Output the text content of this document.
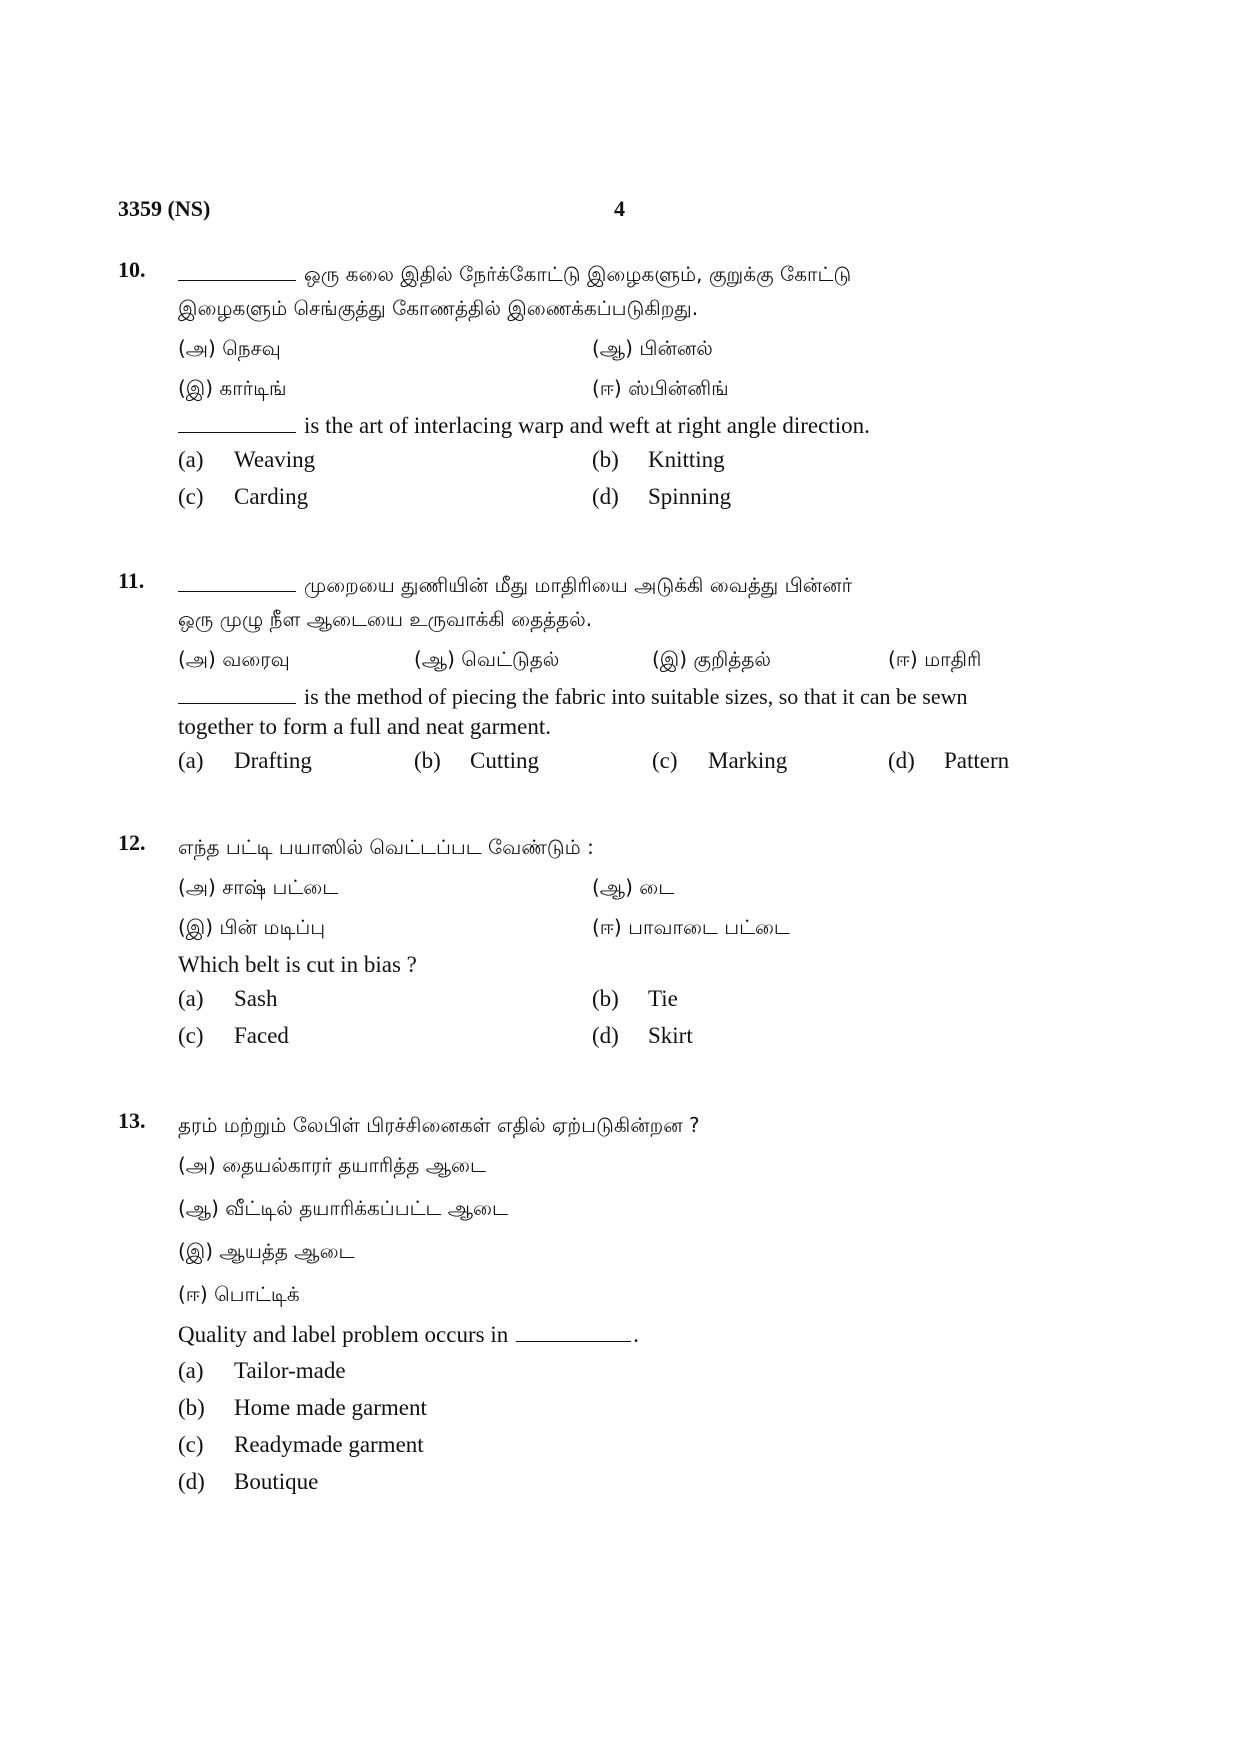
3359 (NS)	4
10.	ஒரு கலை இதில் நேர்க்கோட்டு இழைகளும், குறுக்கு கோட்டு
இழைகளும் செங்குத்து கோணத்தில் இணைக்கப்படுகிறது.
(அ) நெசவு	(ஆ) பின்னல்
(இ) கார்டிங்	(ஈ) ஸ்பின்னிங்
is the art of interlacing warp and weft at right angle direction.
(a) Weaving	(b) Knitting
(c) Carding	(d) Spinning
11.	முறையை துணியின் மீது மாதிரியை அடுக்கி வைத்து பின்னர்
ஒரு முழு நீள ஆடையை உருவாக்கி தைத்தல்.
(அ) வரைவு	(ஆ) வெட்டுதல்	(இ) குறித்தல்	(ஈ) மாதிரி
is the method of piecing the fabric into suitable sizes, so that it can be sewn
together to form a full and neat garment.
(a) Drafting	(b) Cutting	(c) Marking	(d) Pattern
12. எந்த பட்டி பயாஸில் வெட்டப்பட வேண்டும் :
(அ) சாஷ் பட்டை	(ஆ) டை
(இ) பின் மடிப்பு	(ஈ) பாவாடை பட்டை
Which belt is cut in bias ?
(a) Sash	(b) Tie
(c) Faced	(d) Skirt
13. தரம் மற்றும் லேபிள் பிரச்சினைகள் எதில் ஏற்படுகின்றன ?
(அ) தையல்காரர் தயாரித்த ஆடை
(ஆ) வீட்டில் தயாரிக்கப்பட்ட ஆடை
(இ) ஆயத்த ஆடை
(ஈ) பொட்டிக்
Quality and label problem occurs in	.
(a) Tailor-made
(b) Home made garment
(c) Readymade garment
(d) Boutique
